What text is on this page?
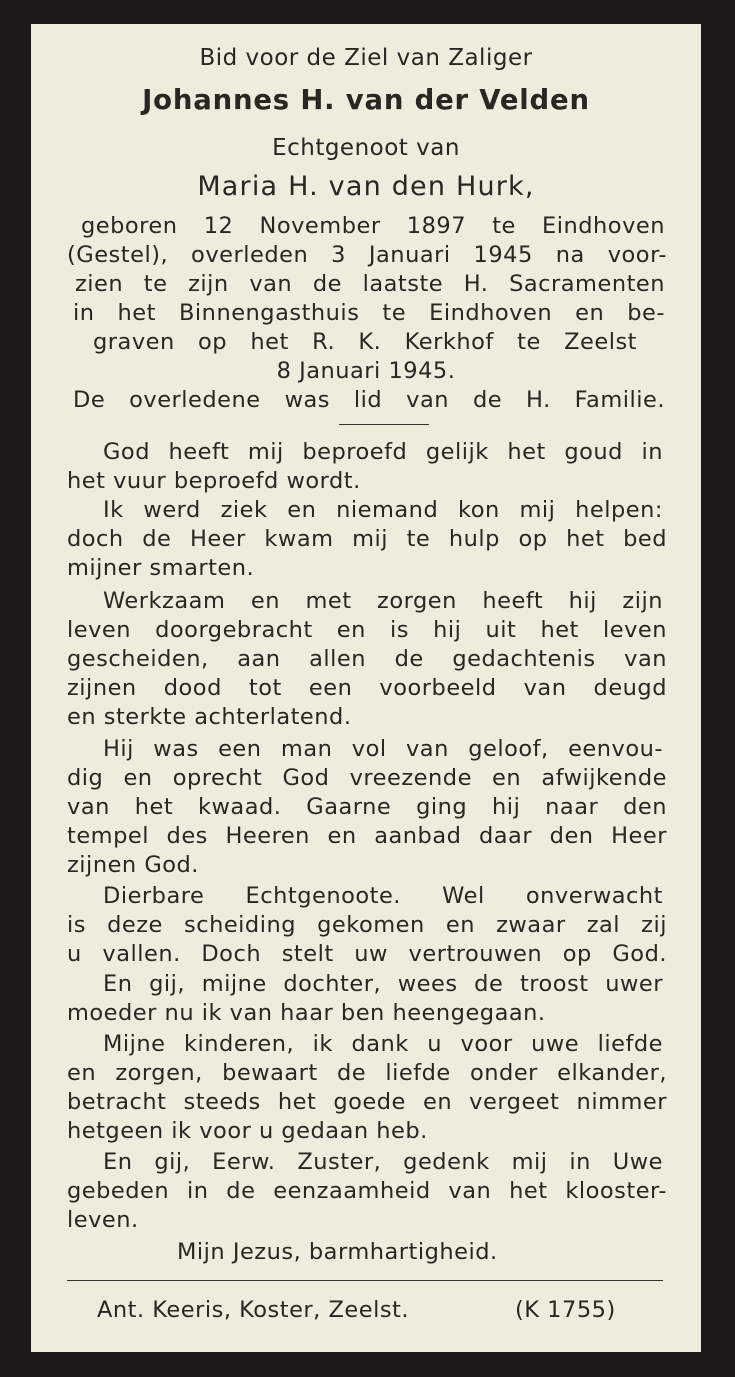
Bid voor de Ziel van Zaliger
Johannes H. van der Velden
Echtgenoot van
Maria H. van den Hurk,
geboren 12 November 1897 te Eindhoven
(Gestel), overleden 3 Januari 1945 na voor-
zien te zijn van de laatste H. Sacramenten
in het Binnengasthuis te Eindhoven en be-
graven op het R. K. Kerkhof te Zeelst
8 Januari 1945.
De overledene was lid van de H. Familie.
God heeft mij beproefd gelijk het goud in
het vuur beproefd wordt.
Ik werd ziek en niemand kon mij helpen:
doch de Heer kwam mij te hulp op het bed
mijner smarten.
Werkzaam en met zorgen heeft hij zijn
leven doorgebracht en is hij uit het leven
gescheiden, aan allen de gedachtenis van
zijnen dood tot een voorbeeld van deugd
en sterkte achterlatend.
Hij was een man vol van geloof, eenvou-
dig en oprecht God vreezende en afwijkende
van het kwaad. Gaarne ging hij naar den
tempel des Heeren en aanbad daar den Heer
zijnen God.
Dierbare Echtgenoote. Wel onverwacht
is deze scheiding gekomen en zwaar zal zij
u vallen. Doch stelt uw vertrouwen op God.
En gij, mijne dochter, wees de troost uwer
moeder nu ik van haar ben heengegaan.
Mijne kinderen, ik dank u voor uwe liefde
en zorgen, bewaart de liefde onder elkander,
betracht steeds het goede en vergeet nimmer
hetgeen ik voor u gedaan heb.
En gij, Eerw. Zuster, gedenk mij in Uwe
gebeden in de eenzaamheid van het klooster-
leven.
Mijn Jezus, barmhartigheid.
Ant. Keeris, Koster, Zeelst.	(K 1755)
